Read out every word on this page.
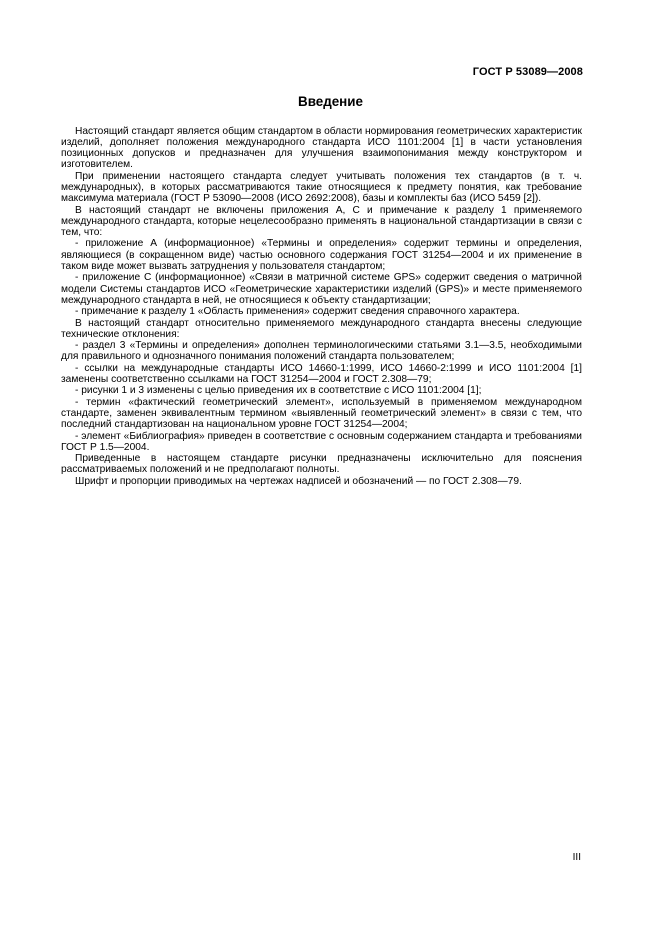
ГОСТ Р 53089—2008
Введение

Настоящий стандарт является общим стандартом в области нормирования геометрических характеристик изделий, дополняет положения международного стандарта ИСО 1101:2004 [1] в части установления позиционных допусков и предназначен для улучшения взаимопонимания между конструктором и изготовителем.

При применении настоящего стандарта следует учитывать положения тех стандартов (в т. ч. международных), в которых рассматриваются такие относящиеся к предмету понятия, как требование максимума материала (ГОСТ Р 53090—2008 (ИСО 2692:2008), базы и комплекты баз (ИСО 5459 [2]).

В настоящий стандарт не включены приложения А, С и примечание к разделу 1 применяемого международного стандарта, которые нецелесообразно применять в национальной стандартизации в связи с тем, что:

- приложение А (информационное) «Термины и определения» содержит термины и определения, являющиеся (в сокращенном виде) частью основного содержания ГОСТ 31254—2004 и их применение в таком виде может вызвать затруднения у пользователя стандартом;

- приложение С (информационное) «Связи в матричной системе GPS» содержит сведения о матричной модели Системы стандартов ИСО «Геометрические характеристики изделий (GPS)» и месте применяемого международного стандарта в ней, не относящиеся к объекту стандартизации;

- примечание к разделу 1 «Область применения» содержит сведения справочного характера.

В настоящий стандарт относительно применяемого международного стандарта внесены следующие технические отклонения:

- раздел 3 «Термины и определения» дополнен терминологическими статьями 3.1—3.5, необходимыми для правильного и однозначного понимания положений стандарта пользователем;

- ссылки на международные стандарты ИСО 14660-1:1999, ИСО 14660-2:1999 и ИСО 1101:2004 [1] заменены соответственно ссылками на ГОСТ 31254—2004 и ГОСТ 2.308—79;

- рисунки 1 и 3 изменены с целью приведения их в соответствие с ИСО 1101:2004 [1];

- термин «фактический геометрический элемент», используемый в применяемом международном стандарте, заменен эквивалентным термином «выявленный геометрический элемент» в связи с тем, что последний стандартизован на национальном уровне ГОСТ 31254—2004;

- элемент «Библиография» приведен в соответствие с основным содержанием стандарта и требованиями ГОСТ Р 1.5—2004.

Приведенные в настоящем стандарте рисунки предназначены исключительно для пояснения рассматриваемых положений и не предполагают полноты.

Шрифт и пропорции приводимых на чертежах надписей и обозначений — по ГОСТ 2.308—79.

III
